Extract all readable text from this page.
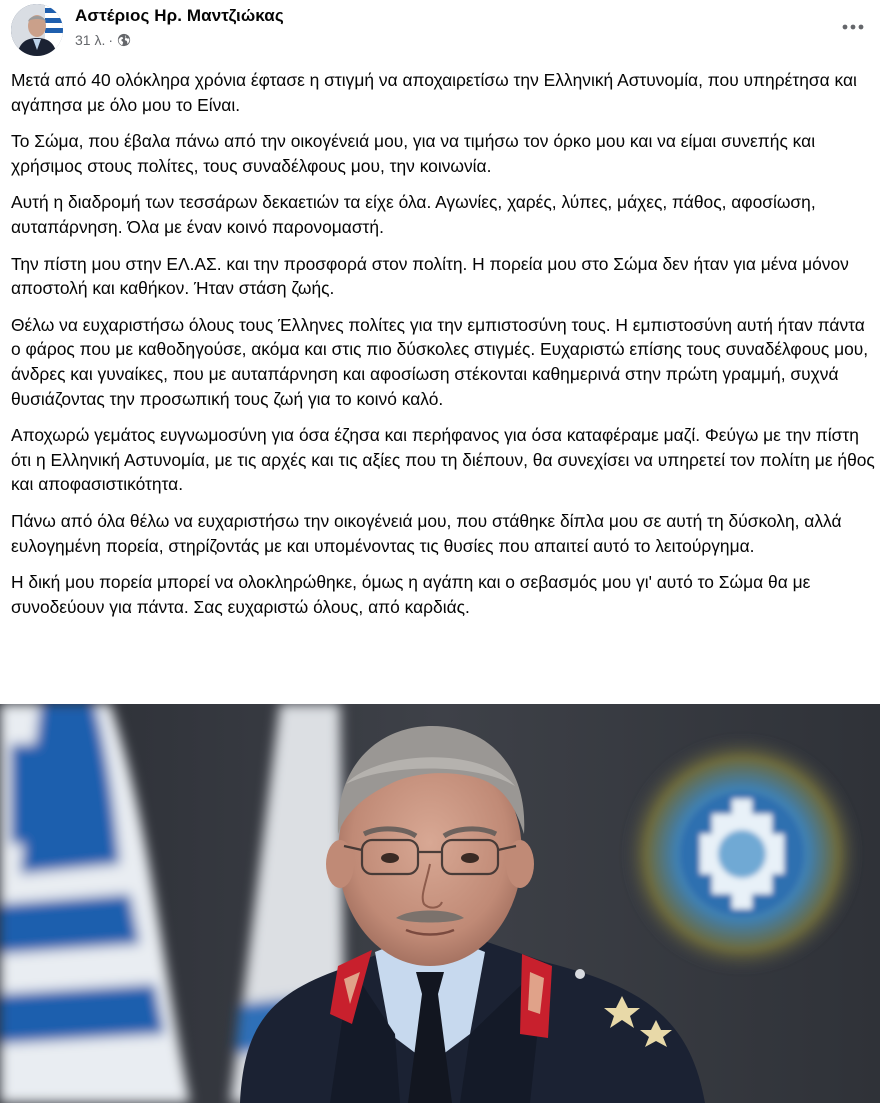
Αστέριος Ηρ. Μαντζιώκας
31 λ. ·

Μετά από 40 ολόκληρα χρόνια έφτασε η στιγμή να αποχαιρετίσω την Ελληνική Αστυνομία, που υπηρέτησα και αγάπησα με όλο μου το Είναι.

Το Σώμα, που έβαλα πάνω από την οικογένειά μου, για να τιμήσω τον όρκο μου και να είμαι συνεπής και χρήσιμος στους πολίτες, τους συναδέλφους μου, την κοινωνία.

Αυτή η διαδρομή των τεσσάρων δεκαετιών τα είχε όλα. Αγωνίες, χαρές, λύπες, μάχες, πάθος, αφοσίωση, αυταπάρνηση. Όλα με έναν κοινό παρονομαστή.

Την πίστη μου στην ΕΛ.ΑΣ. και την προσφορά στον πολίτη. Η πορεία μου στο Σώμα δεν ήταν για μένα μόνον αποστολή και καθήκον. Ήταν στάση ζωής.

Θέλω να ευχαριστήσω όλους τους Έλληνες πολίτες για την εμπιστοσύνη τους. Η εμπιστοσύνη αυτή ήταν πάντα ο φάρος που με καθοδηγούσε, ακόμα και στις πιο δύσκολες στιγμές. Ευχαριστώ επίσης τους συναδέλφους μου, άνδρες και γυναίκες, που με αυταπάρνηση και αφοσίωση στέκονται καθημερινά στην πρώτη γραμμή, συχνά θυσιάζοντας την προσωπική τους ζωή για το κοινό καλό.

Αποχωρώ γεμάτος ευγνωμοσύνη για όσα έζησα και περήφανος για όσα καταφέραμε μαζί. Φεύγω με την πίστη ότι η Ελληνική Αστυνομία, με τις αρχές και τις αξίες που τη διέπουν, θα συνεχίσει να υπηρετεί τον πολίτη με ήθος και αποφασιστικότητα.

Πάνω από όλα θέλω να ευχαριστήσω την οικογένειά μου, που στάθηκε δίπλα μου σε αυτή τη δύσκολη, αλλά ευλογημένη πορεία, στηρίζοντάς με και υπομένοντας τις θυσίες που απαιτεί αυτό το λειτούργημα.

Η δική μου πορεία μπορεί να ολοκληρώθηκε, όμως η αγάπη και ο σεβασμός μου γι' αυτό το Σώμα θα με συνοδεύουν για πάντα. Σας ευχαριστώ όλους, από καρδιάς.
